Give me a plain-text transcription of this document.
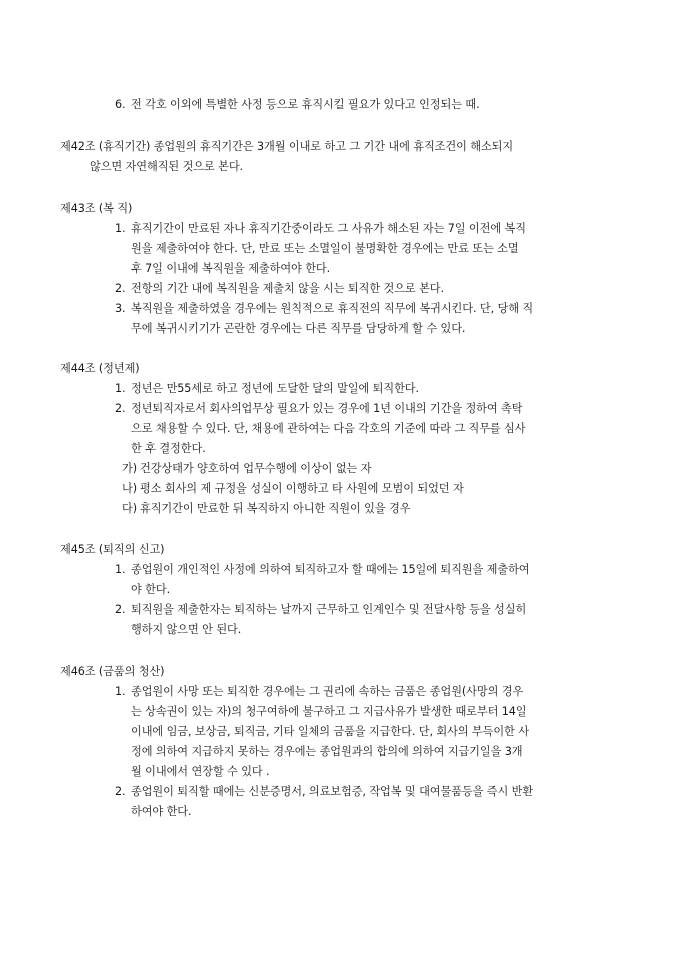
6. 전 각호 이외에 특별한 사정 등으로 휴직시킬 필요가 있다고 인정되는 때.
제42조 (휴직기간) 종업원의 휴직기간은 3개월 이내로 하고 그 기간 내에 휴직조건이 해소되지
않으면 자연해직된 것으로 본다.
제43조 (복 직)
1. 휴직기간이 만료된 자나 휴직기간중이라도 그 사유가 해소된 자는 7일 이전에 복직
원을 제출하여야 한다. 단, 만료 또는 소멸일이 불명확한 경우에는 만료 또는 소멸
후 7일 이내에 복직원을 제출하여야 한다.
2. 전항의 기간 내에 복직원을 제출치 않을 시는 퇴직한 것으로 본다.
3. 복직원을 제출하였을 경우에는 원칙적으로 휴직전의 직무에 복귀시킨다. 단, 당해 직
무에 복귀시키기가 곤란한 경우에는 다른 직무를 담당하게 할 수 있다.
제44조 (정년제)
1. 정년은 만55세로 하고 정년에 도달한 달의 말일에 퇴직한다.
2. 정년퇴직자로서 회사의업무상 필요가 있는 경우에 1년 이내의 기간을 정하여 촉탁
으로 채용할 수 있다. 단, 채용에 관하여는 다음 각호의 기준에 따라 그 직무를 심사
한 후 결정한다.
가) 건강상태가 양호하여 업무수행에 이상이 없는 자
나) 평소 회사의 제 규정을 성실이 이행하고 타 사원에 모범이 되었던 자
다) 휴직기간이 만료한 뒤 복직하지 아니한 직원이 있을 경우
제45조 (퇴직의 신고)
1. 종업원이 개인적인 사정에 의하여 퇴직하고자 할 때에는 15일에 퇴직원을 제출하여
야 한다.
2. 퇴직원을 제출한자는 퇴직하는 날까지 근무하고 인계인수 및 전달사항 등을 성실히
행하지 않으면 안 된다.
제46조 (금품의 청산)
1. 종업원이 사망 또는 퇴직한 경우에는 그 권리에 속하는 금품은 종업원(사망의 경우
는 상속권이 있는 자)의 청구여하에 불구하고 그 지급사유가 발생한 때로부터 14일
이내에 임금, 보상금, 퇴직금, 기타 일체의 금품을 지급한다. 단, 회사의 부득이한 사
정에 의하여 지급하지 못하는 경우에는 종업원과의 합의에 의하여 지급기일을 3개
월 이내에서 연장할 수 있다 .
2. 종업원이 퇴직할 때에는 신분증명서, 의료보험증, 작업복 및 대여물품등을 즉시 반환
하여야 한다.
